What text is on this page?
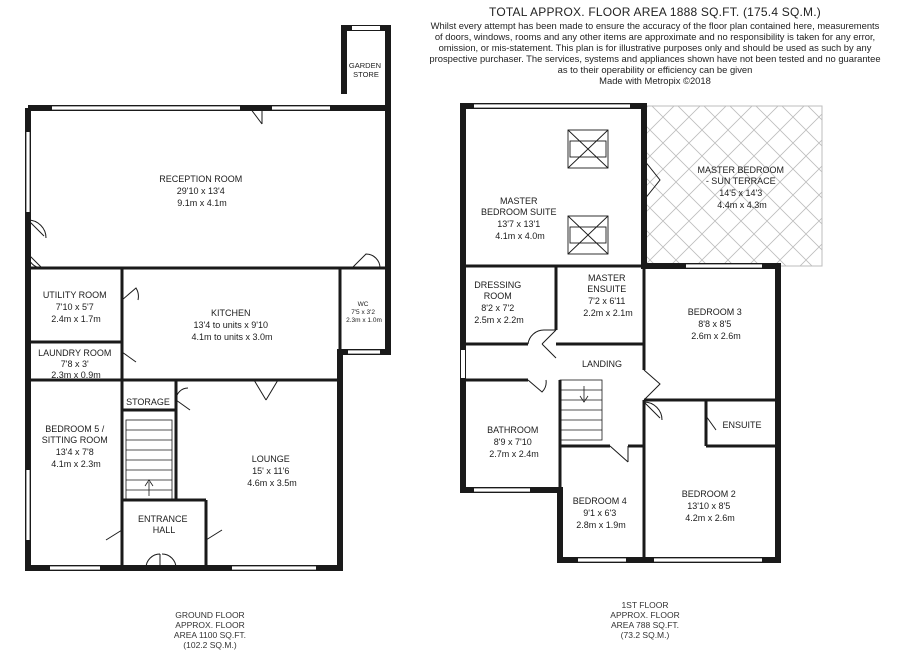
TOTAL APPROX. FLOOR AREA 1888 SQ.FT. (175.4 SQ.M.)
Whilst every attempt has been made to ensure the accuracy of the floor plan contained here, measurements
of doors, windows, rooms and any other items are approximate and no responsibility is taken for any error,
omission, or mis-statement. This plan is for illustrative purposes only and should be used as such by any
prospective purchaser. The services, systems and appliances shown have not been tested and no guarantee
as to their operability or efficiency can be given
Made with Metropix ©2018
RECEPTION ROOM 29'10 x 13'4 9.1m x 4.1m
GARDEN STORE
UTILITY ROOM 7'10 x 5'7 2.4m x 1.7m
KITCHEN 13'4 to units x 9'10 4.1m to units x 3.0m
WC 7'5 x 3'2 2.3m x 1.0m
LAUNDRY ROOM 7'8 x 3' 2.3m x 0.9m
STORAGE
BEDROOM 5 / SITTING ROOM 13'4 x 7'8 4.1m x 2.3m	LOUNGE 15' x 11'6 4.6m x 3.5m
ENTRANCE HALL
MASTER BEDROOM SUITE 13'7 x 13'1 4.1m x 4.0m
MASTER BEDROOM - SUN TERRACE 14'5 x 14'3 4.4m x 4.3m
DRESSING ROOM 8'2 x 7'2 2.5m x 2.2m
MASTER ENSUITE 7'2 x 6'11 2.2m x 2.1m	BEDROOM 3 8'8 x 8'5 2.6m x 2.6m
LANDING
BATHROOM 8'9 x 7'10 2.7m x 2.4m
ENSUITE
BEDROOM 4 9'1 x 6'3 2.8m x 1.9m
BEDROOM 2 13'10 x 8'5 4.2m x 2.6m
GROUND FLOOR
APPROX. FLOOR
AREA 1100 SQ.FT.
(102.2 SQ.M.)
1ST FLOOR
APPROX. FLOOR
AREA 788 SQ.FT.
(73.2 SQ.M.)
